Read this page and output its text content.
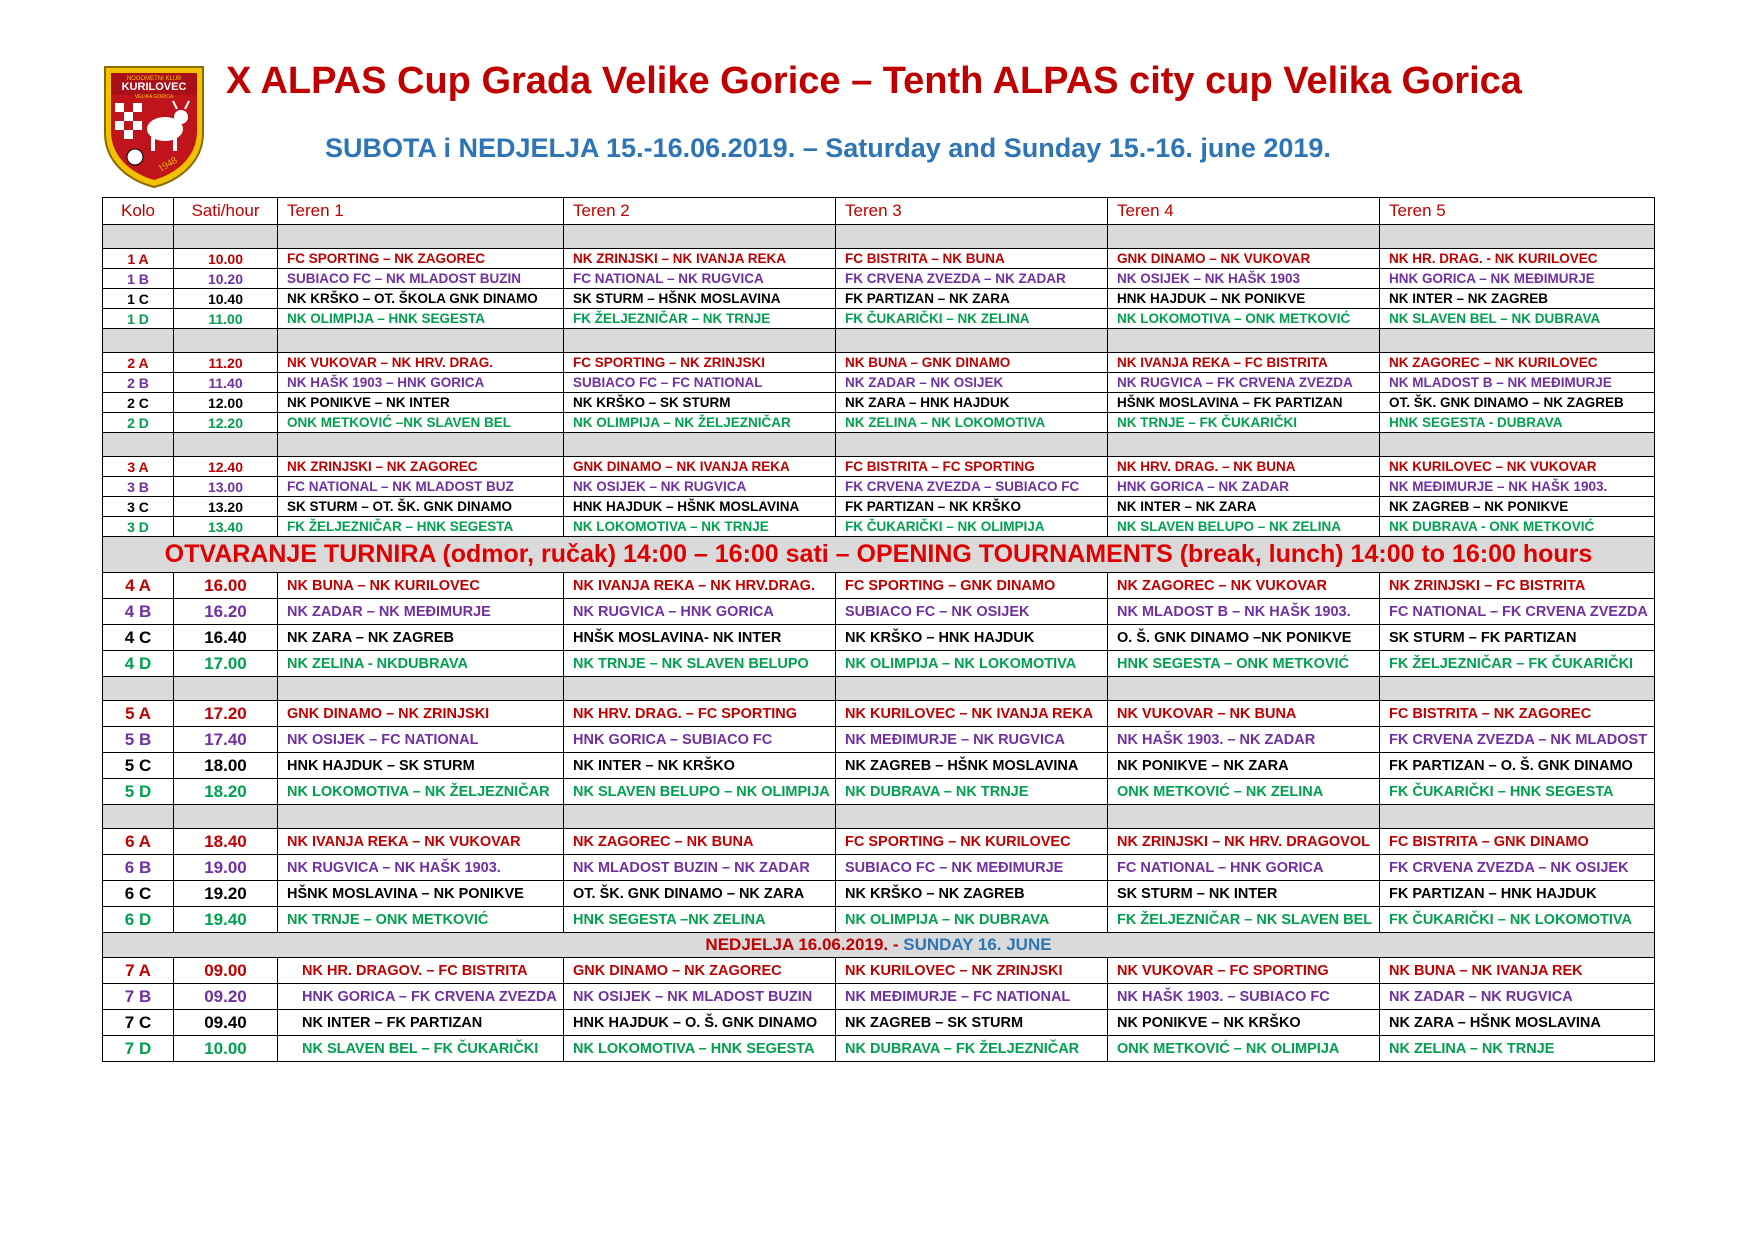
NOGOMETNI KLUB
KURILOVEC
VELIKA GORICA
1948
X ALPAS Cup Grada Velike Gorice – Tenth ALPAS city cup Velika Gorica
SUBOTA i NEDJELJA 15.-16.06.2019. – Saturday and Sunday 15.-16. june 2019.
Kolo	Sati/hour	Teren 1	Teren 2	Teren 3	Teren 4	Teren 5

1 A	10.00	FC SPORTING – NK ZAGOREC	NK ZRINJSKI – NK IVANJA REKA	FC BISTRITA – NK BUNA	GNK DINAMO – NK VUKOVAR	NK HR. DRAG. - NK KURILOVEC
1 B	10.20	SUBIACO FC – NK MLADOST BUZIN	FC NATIONAL – NK RUGVICA	FK CRVENA ZVEZDA – NK ZADAR	NK OSIJEK – NK HAŠK 1903	HNK GORICA – NK MEĐIMURJE
1 C	10.40	NK KRŠKO – OT. ŠKOLA GNK DINAMO	SK STURM – HŠNK MOSLAVINA	FK PARTIZAN – NK ZARA	HNK HAJDUK – NK PONIKVE	NK INTER – NK ZAGREB
1 D	11.00	NK OLIMPIJA – HNK SEGESTA	FK ŽELJEZNIČAR – NK TRNJE	FK ČUKARIČKI – NK ZELINA	NK LOKOMOTIVA – ONK METKOVIĆ	NK SLAVEN BEL – NK DUBRAVA

2 A	11.20	NK VUKOVAR – NK HRV. DRAG.	FC SPORTING – NK ZRINJSKI	NK BUNA – GNK DINAMO	NK IVANJA REKA – FC BISTRITA	NK ZAGOREC – NK KURILOVEC
2 B	11.40	NK HAŠK 1903 – HNK GORICA	SUBIACO FC – FC NATIONAL	NK ZADAR – NK OSIJEK	NK RUGVICA – FK CRVENA ZVEZDA	NK MLADOST B – NK MEĐIMURJE
2 C	12.00	NK PONIKVE – NK INTER	NK KRŠKO – SK STURM	NK ZARA – HNK HAJDUK	HŠNK MOSLAVINA – FK PARTIZAN	OT. ŠK. GNK DINAMO – NK ZAGREB
2 D	12.20	ONK METKOVIĆ –NK SLAVEN BEL	NK OLIMPIJA – NK ŽELJEZNIČAR	NK ZELINA – NK LOKOMOTIVA	NK TRNJE – FK ČUKARIČKI	HNK SEGESTA - DUBRAVA

3 A	12.40	NK ZRINJSKI – NK ZAGOREC	GNK DINAMO – NK IVANJA REKA	FC BISTRITA – FC SPORTING	NK HRV. DRAG. – NK BUNA	NK KURILOVEC – NK VUKOVAR
3 B	13.00	FC NATIONAL – NK MLADOST BUZ	NK OSIJEK – NK RUGVICA	FK CRVENA ZVEZDA – SUBIACO FC	HNK GORICA – NK ZADAR	NK MEĐIMURJE – NK HAŠK 1903.
3 C	13.20	SK STURM – OT. ŠK. GNK DINAMO	HNK HAJDUK – HŠNK MOSLAVINA	FK PARTIZAN – NK KRŠKO	NK INTER – NK ZARA	NK ZAGREB – NK PONIKVE
3 D	13.40	FK ŽELJEZNIČAR – HNK SEGESTA	NK LOKOMOTIVA – NK TRNJE	FK ČUKARIČKI – NK OLIMPIJA	NK SLAVEN BELUPO – NK ZELINA	NK DUBRAVA - ONK METKOVIĆ
OTVARANJE TURNIRA (odmor, ručak) 14:00 – 16:00 sati – OPENING TOURNAMENTS (break, lunch) 14:00 to 16:00 hours						
4 A	16.00	NK BUNA – NK KURILOVEC	NK IVANJA REKA – NK HRV.DRAG.	FC SPORTING – GNK DINAMO	NK ZAGOREC – NK VUKOVAR	NK ZRINJSKI – FC BISTRITA
4 B	16.20	NK ZADAR – NK MEĐIMURJE	NK RUGVICA – HNK GORICA	SUBIACO FC – NK OSIJEK	NK MLADOST B – NK HAŠK 1903.	FC NATIONAL – FK CRVENA ZVEZDA
4 C	16.40	NK ZARA – NK ZAGREB	HNŠK MOSLAVINA- NK INTER	NK KRŠKO – HNK HAJDUK	O. Š. GNK DINAMO –NK PONIKVE	SK STURM – FK PARTIZAN
4 D	17.00	NK ZELINA - NKDUBRAVA	NK TRNJE – NK SLAVEN BELUPO	NK OLIMPIJA – NK LOKOMOTIVA	HNK SEGESTA – ONK METKOVIĆ	FK ŽELJEZNIČAR – FK ČUKARIČKI

5 A	17.20	GNK DINAMO – NK ZRINJSKI	NK HRV. DRAG. – FC SPORTING	NK KURILOVEC – NK IVANJA REKA	NK VUKOVAR – NK BUNA	FC BISTRITA – NK ZAGOREC
5 B	17.40	NK OSIJEK – FC NATIONAL	HNK GORICA – SUBIACO FC	NK MEĐIMURJE – NK RUGVICA	NK HAŠK 1903. – NK ZADAR	FK CRVENA ZVEZDA – NK MLADOST
5 C	18.00	HNK HAJDUK – SK STURM	NK INTER – NK KRŠKO	NK ZAGREB – HŠNK MOSLAVINA	NK PONIKVE – NK ZARA	FK PARTIZAN – O. Š. GNK DINAMO
5 D	18.20	NK LOKOMOTIVA – NK ŽELJEZNIČAR	NK SLAVEN BELUPO – NK OLIMPIJA	NK DUBRAVA – NK TRNJE	ONK METKOVIĆ – NK ZELINA	FK ČUKARIČKI – HNK SEGESTA

6 A	18.40	NK IVANJA REKA – NK VUKOVAR	NK ZAGOREC – NK BUNA	FC SPORTING – NK KURILOVEC	NK ZRINJSKI – NK HRV. DRAGOVOL	FC BISTRITA – GNK DINAMO
6 B	19.00	NK RUGVICA – NK HAŠK 1903.	NK MLADOST BUZIN – NK ZADAR	SUBIACO FC – NK MEĐIMURJE	FC NATIONAL – HNK GORICA	FK CRVENA ZVEZDA – NK OSIJEK
6 C	19.20	HŠNK MOSLAVINA – NK PONIKVE	OT. ŠK. GNK DINAMO – NK ZARA	NK KRŠKO – NK ZAGREB	SK STURM – NK INTER	FK PARTIZAN – HNK HAJDUK
6 D	19.40	NK TRNJE – ONK METKOVIĆ	HNK SEGESTA –NK ZELINA	NK OLIMPIJA – NK DUBRAVA	FK ŽELJEZNIČAR – NK SLAVEN BEL	FK ČUKARIČKI – NK LOKOMOTIVA
NEDJELJA 16.06.2019. - SUNDAY 16. JUNE						
7 A	09.00	NK HR. DRAGOV. – FC BISTRITA	GNK DINAMO – NK ZAGOREC	NK KURILOVEC – NK ZRINJSKI	NK VUKOVAR – FC SPORTING	NK BUNA – NK IVANJA REK
7 B	09.20	HNK GORICA – FK CRVENA ZVEZDA	NK OSIJEK – NK MLADOST BUZIN	NK MEĐIMURJE – FC NATIONAL	NK HAŠK 1903. – SUBIACO FC	NK ZADAR – NK RUGVICA
7 C	09.40	NK INTER – FK PARTIZAN	HNK HAJDUK – O. Š. GNK DINAMO	NK ZAGREB – SK STURM	NK PONIKVE – NK KRŠKO	NK ZARA – HŠNK MOSLAVINA
7 D	10.00	NK SLAVEN BEL – FK ČUKARIČKI	NK LOKOMOTIVA – HNK SEGESTA	NK DUBRAVA – FK ŽELJEZNIČAR	ONK METKOVIĆ – NK OLIMPIJA	NK ZELINA – NK TRNJE
